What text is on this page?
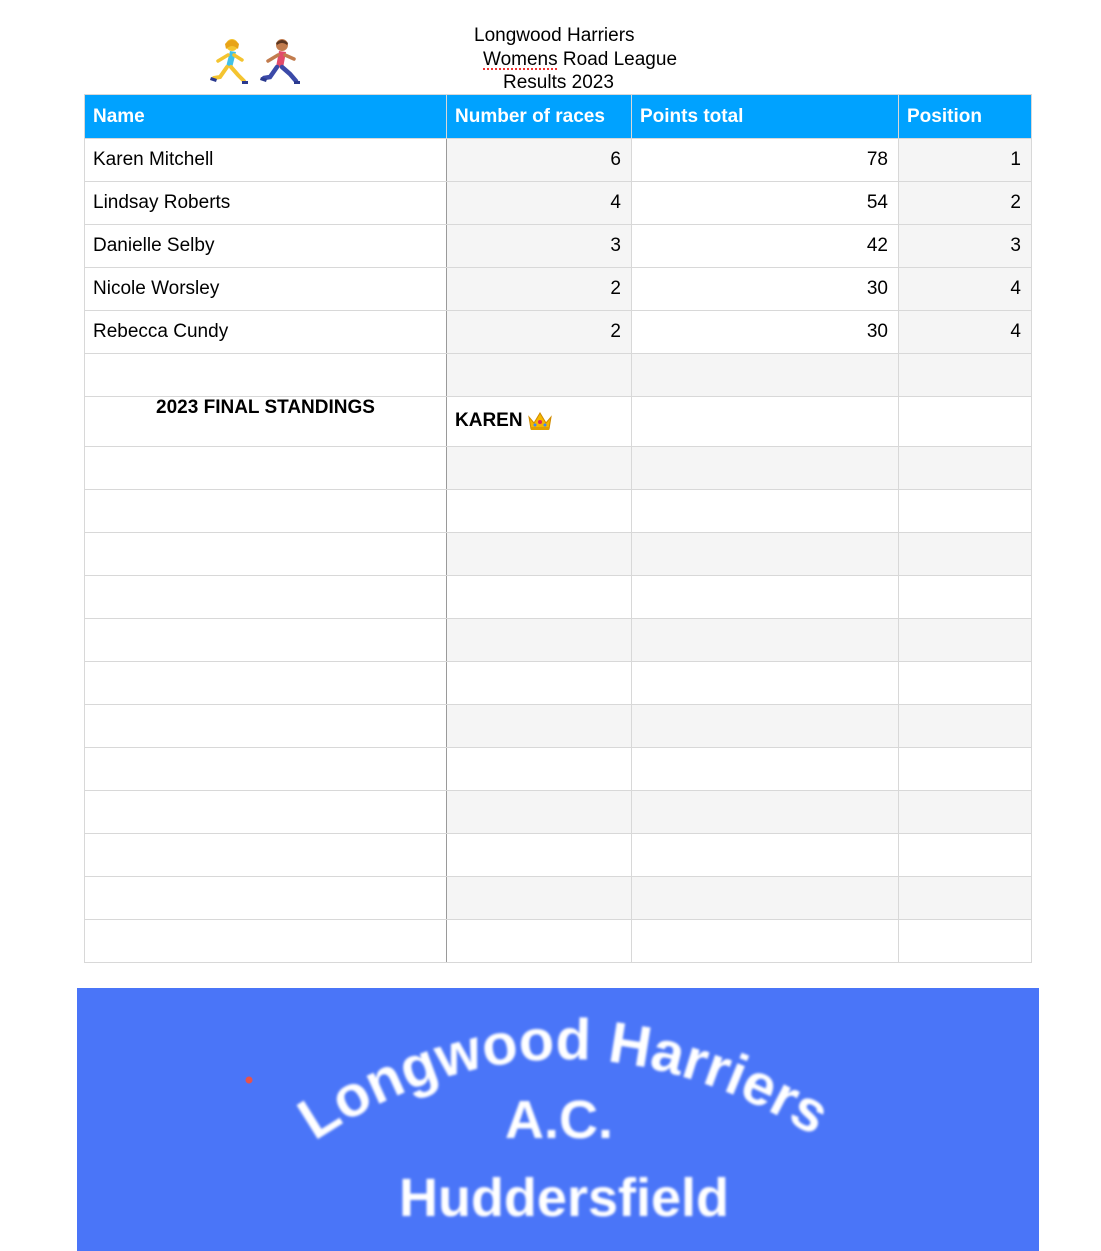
Longwood Harriers
Womens Road League
Results 2023
Name	Number of races	Points total	Position
Karen Mitchell	6	78	1
Lindsay Roberts	4	54	2
Danielle Selby	3	42	3
Nicole Worsley	2	30	4
Rebecca Cundy	2	30	4

2023 FINAL STANDINGS	KAREN		

Longwood Harriers
A.C.
Huddersfield
